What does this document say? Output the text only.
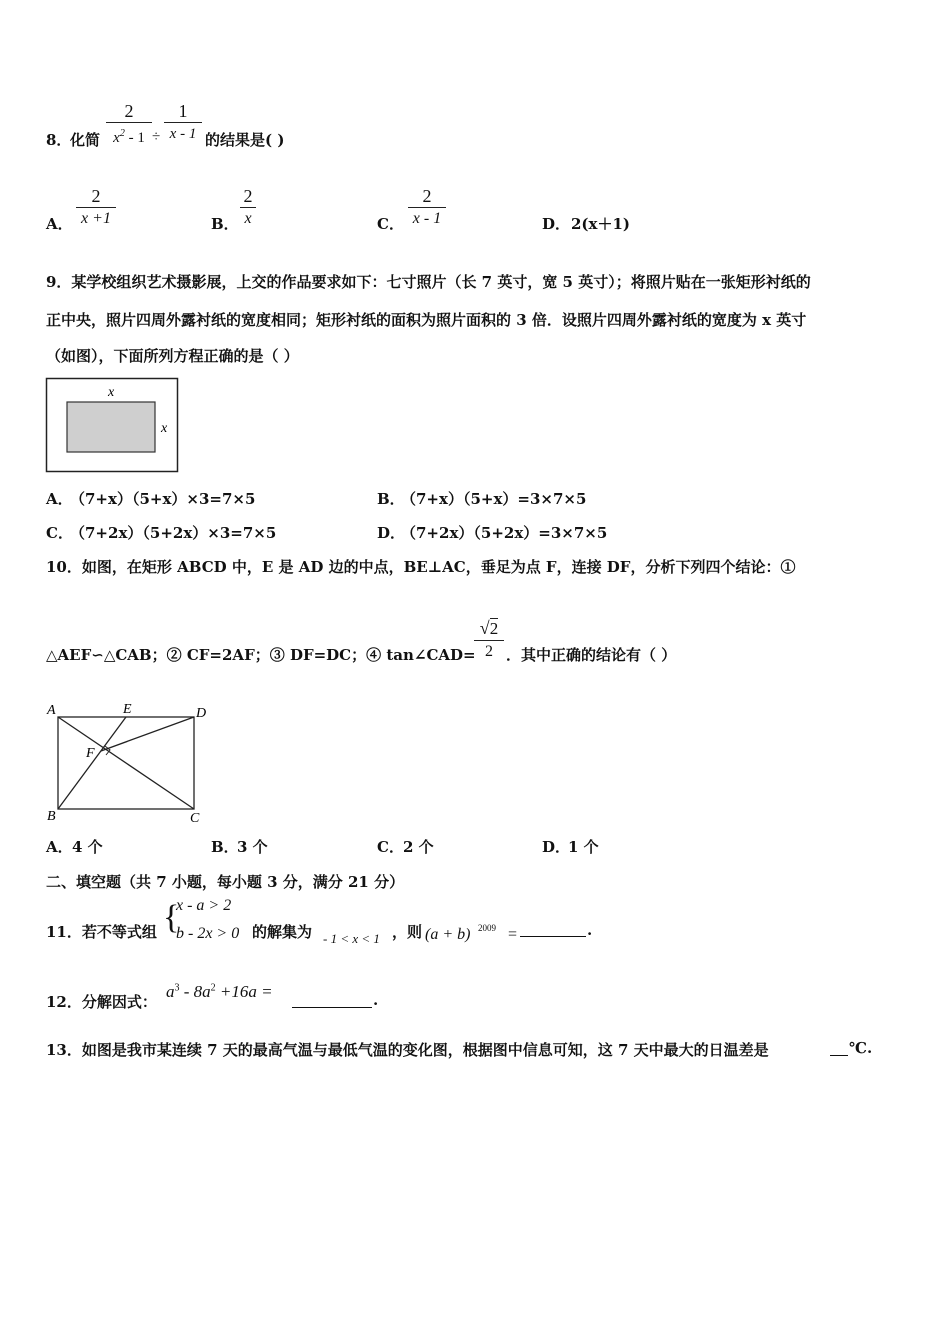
8．
化简
2
$x^2 - 1$ ÷
1
x - 1 的结果是( )
A．
2
x +1	B．
2
x	C．
2
x - 1	D． 2(x＋1)
9．某学校组织艺术摄影展，上交的作品要求如下：七寸照片（长 7 英寸，宽 5 英寸）；将照片贴在一张矩形衬纸的
正中央，照片四周外露衬纸的宽度相同；矩形衬纸的面积为照片面积的 3 倍．设照片四周外露衬纸的宽度为 x 英寸
（如图），下面所列方程正确的是（ ）
x
x
A．
（7+x）（5+x）×3=7×5	B．
（7+x）（5+x）=3×7×5
C．
（7+2x）（5+2x）×3=7×5	D．
（7+2x）（5+2x）=3×7×5
10．如图，在矩形 ABCD 中，E 是 AD 边的中点，BE⊥AC，垂足为点 F，连接 DF，分析下列四个结论：①
△AEF∽△CAB；② CF=2AF；③ DF=DC；④ tan∠CAD=
√2
2 ．其中正确的结论有（ ）
A	E	D
F
B	C
A． 4 个	B．
3 个	C． 2 个	D．
1 个
二、填空题（共 7 小题，每小题 3 分，满分 21 分）
11．若不等式组 {
x - a > 2
b - 2x > 0 的解集为 - 1 < x < 1 ，则 (a + b) 2009 =	.
12．分解因式：
$a^3 - 8a^2 +16a$ =	.
13．如图是我市某连续 7 天的最高气温与最低气温的变化图，根据图中信息可知，这 7 天中最大的日温差是	℃.
